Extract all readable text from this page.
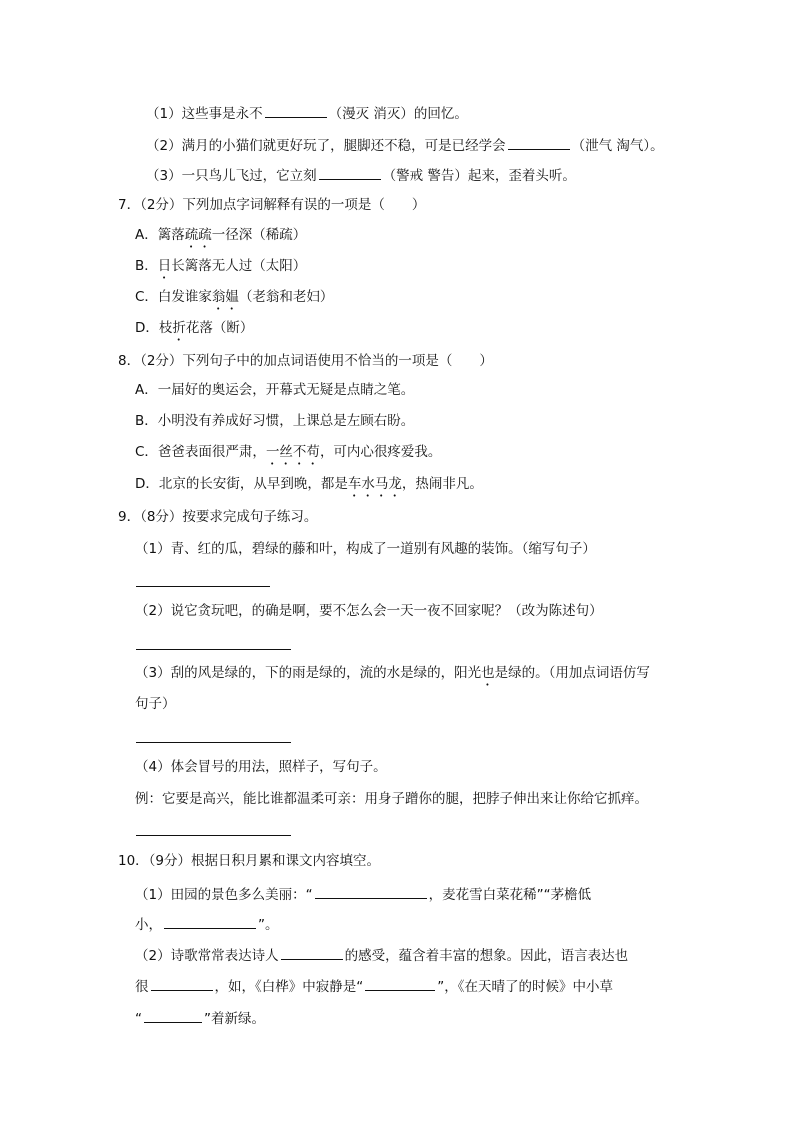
（1）这些事是永不	（漫灭 消灭）的回忆。
（2）满月的小猫们就更好玩了，腿脚还不稳，可是已经学会	（泄气 淘气）。
（3）一只鸟儿飞过，它立刻	（警戒 警告）起来，歪着头听。
7．（2分）下列加点字词解释有误的一项是（　　）
A．篱落疏疏一径深（稀疏）
B．日长篱落无人过（太阳）
C．白发谁家翁媪（老翁和老妇）
D．枝折花落（断）
8．（2分）下列句子中的加点词语使用不恰当的一项是（　　）
A．一届好的奥运会，开幕式无疑是点睛之笔。
B．小明没有养成好习惯，上课总是左顾右盼。
C．爸爸表面很严肃，一丝不苟，可内心很疼爱我。
D．北京的长安街，从早到晚，都是车水马龙，热闹非凡。
9．（8分）按要求完成句子练习。
（1）青、红的瓜，碧绿的藤和叶，构成了一道别有风趣的装饰。（缩写句子）
（2）说它贪玩吧，的确是啊，要不怎么会一天一夜不回家呢？（改为陈述句）
（3）刮的风是绿的，下的雨是绿的，流的水是绿的，阳光也是绿的。（用加点词语仿写
句子）
（4）体会冒号的用法，照样子，写句子。
例：它要是高兴，能比谁都温柔可亲：用身子蹭你的腿，把脖子伸出来让你给它抓痒。
10．（9分）根据日积月累和课文内容填空。
（1）田园的景色多么美丽：“	，麦花雪白菜花稀”“茅檐低
小，	”。
（2）诗歌常常表达诗人	的感受，蕴含着丰富的想象。因此，语言表达也
很	，如，《白桦》中寂静是“	”，《在天晴了的时候》中小草
“	”着新绿。
